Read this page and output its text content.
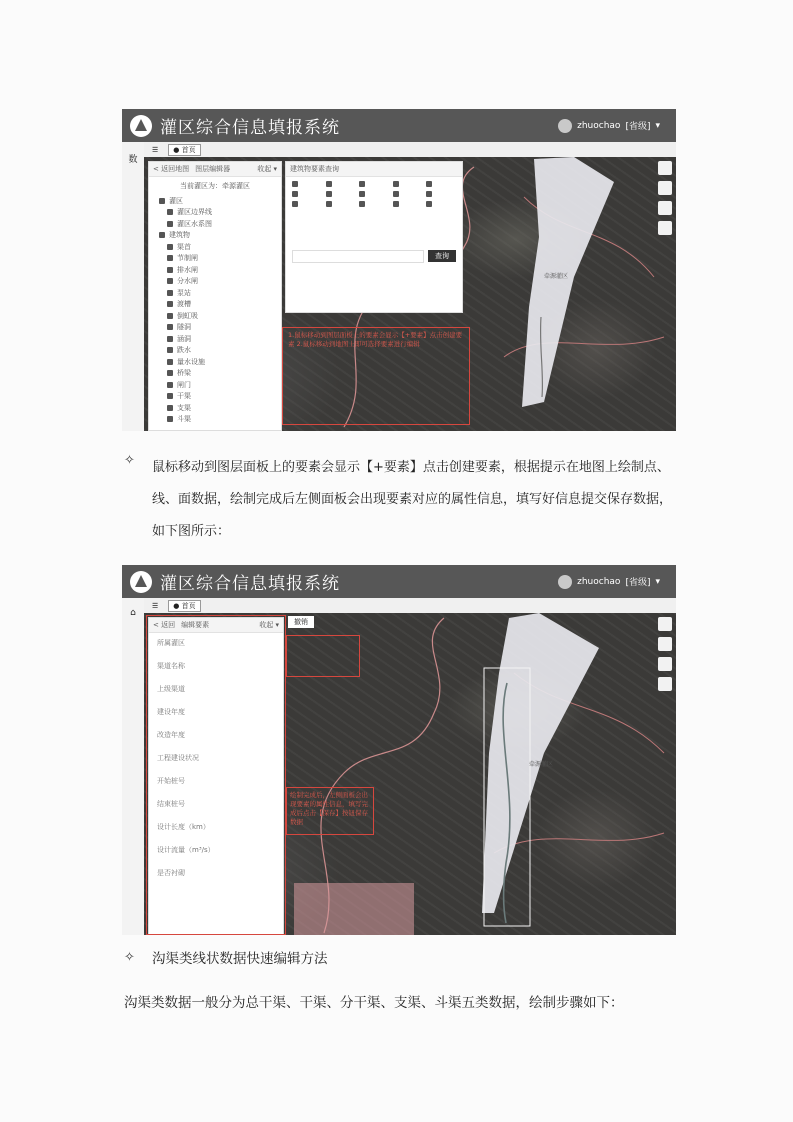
灌区综合信息填报系统	zhuochao [省级] ▾
数
☰	● 首页
牵源灌区
< 返回地图 图层编辑器	收起 ▾
当前灌区为：牵源灌区
灌区
灌区边界线
灌区水系图
建筑物
渠首
节制闸
排水闸
分水闸
泵站
渡槽
倒虹吸
隧洞
涵洞
跌水
量水设施
桥梁
闸门
干渠
支渠
斗渠
建筑物要素查询
查询
1.鼠标移动到图层面板上的要素会显示【+要素】点击创建要素 2.鼠标移动到地图上即可选择要素进行编辑
✧ 鼠标移动到图层面板上的要素会显示【+要素】点击创建要素，根据提示在地图上绘制点、线、面数据，绘制完成后左侧面板会出现要素对应的属性信息，填写好信息提交保存数据，如下图所示：
灌区综合信息填报系统	zhuochao [省级] ▾
⌂
☰	● 首页
牵源灌区
撤销
< 返回 编辑要素	收起 ▾
所属灌区

渠道名称

上级渠道

建设年度

改造年度

工程建设状况

开始桩号

结束桩号

设计长度（km）

设计流量（m³/s）

是否衬砌
绘制完成后，左侧面板会出现要素的属性信息，填写完成后点击【保存】按钮保存数据
✧ 沟渠类线状数据快速编辑方法
沟渠类数据一般分为总干渠、干渠、分干渠、支渠、斗渠五类数据，绘制步骤如下：
